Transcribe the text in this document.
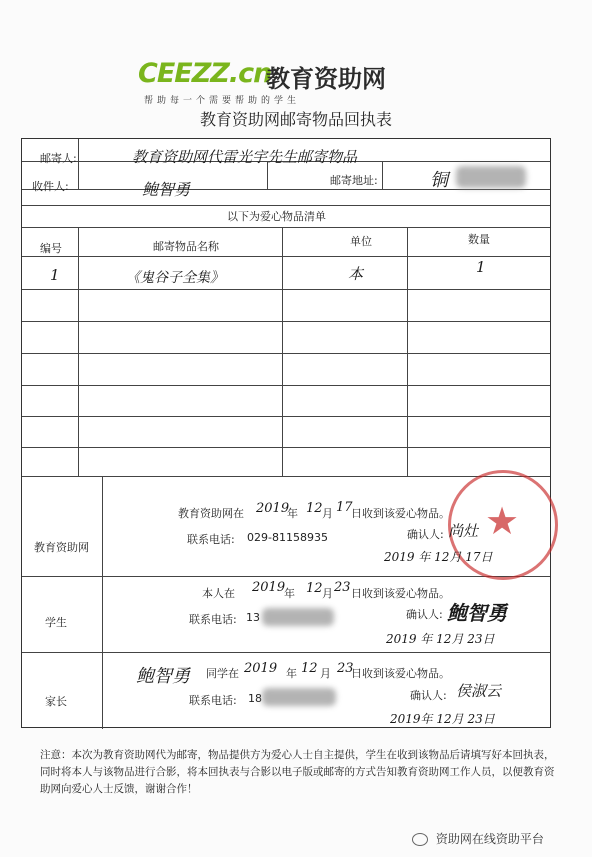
CEEZZ.cn
教育资助网
帮助每一个需要帮助的学生
教育资助网邮寄物品回执表
邮寄人:	教育资助网代雷光宇先生邮寄物品
收件人:	鲍智勇	邮寄地址:	铜
以下为爱心物品清单
编号	邮寄物品名称	单位	数量
1	《鬼谷子全集》	本	1
★
教育资助网
教育资助网在 2019
年 12 月 17
日收到该爱心物品。
联系电话: 029-81158935	确认人: 尚灶
2019 年 12月 17日
学生
本人在 2019
年 12 月 23 日收到该爱心物品。
联系电话: 13	确认人: 鲍智勇
2019 年 12月 23日
家长
鲍智勇 同学在 2019 年 12 月 23
日收到该爱心物品。
联系电话: 18	确认人: 侯淑云
2019年 12月 23日
注意：本次为教育资助网代为邮寄，物品提供方为爱心人士自主提供，学生在收到该物品后请填写好本回执表，同时将本人与该物品进行合影，将本回执表与合影以电子版或邮寄的方式告知教育资助网工作人员，以便教育资助网向爱心人士反馈，谢谢合作！
资助网在线资助平台
